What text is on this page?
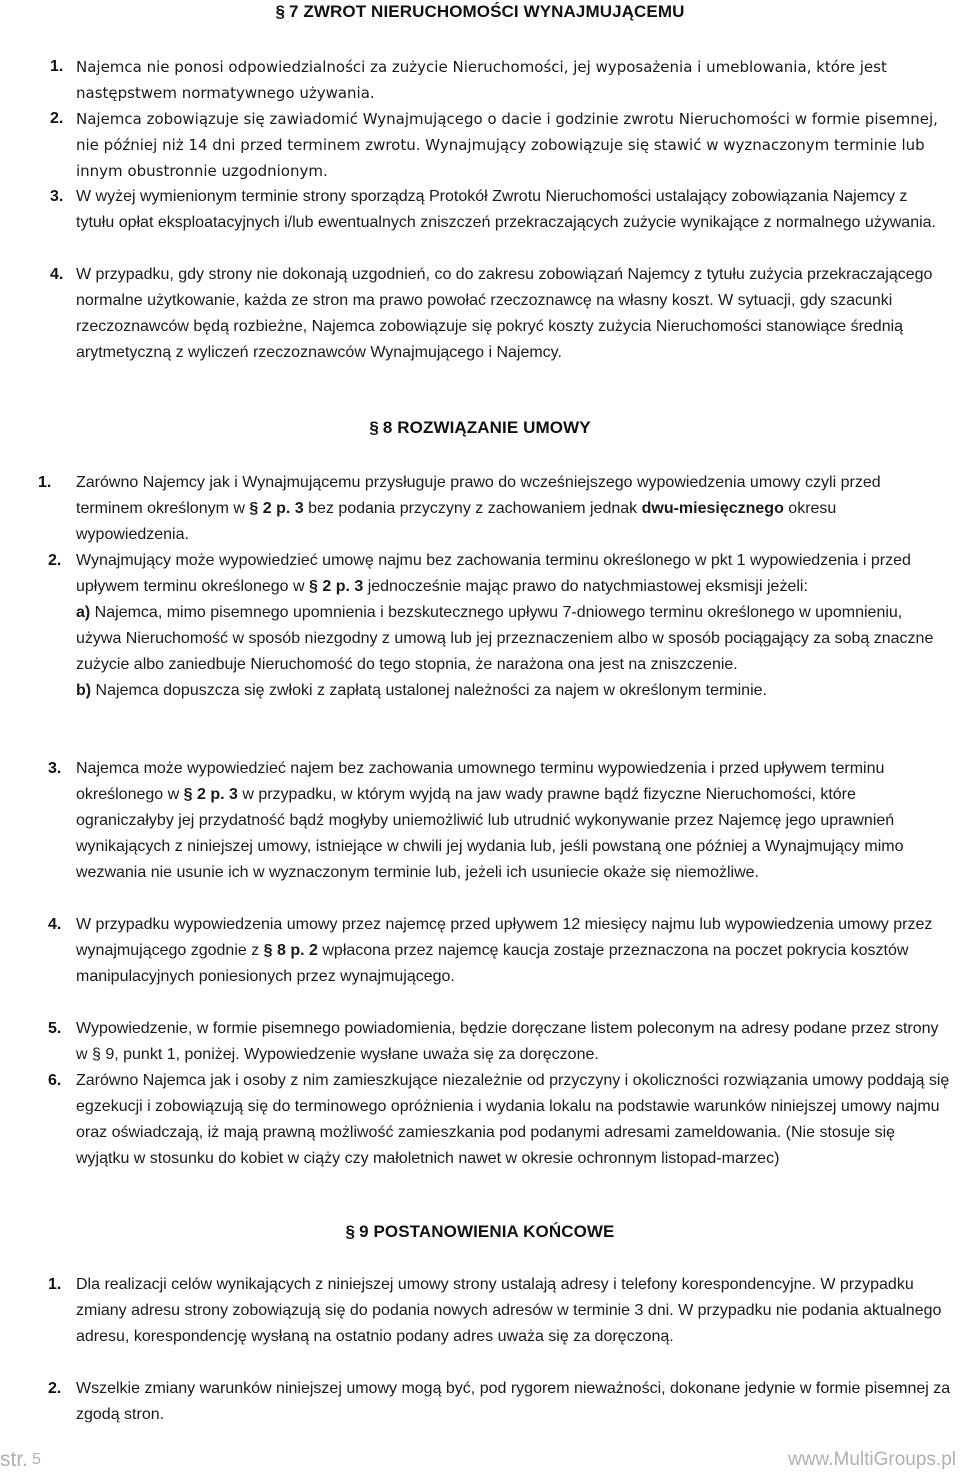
§ 7 ZWROT NIERUCHOMOŚCI WYNAJMUJĄCEMU
1. Najemca nie ponosi odpowiedzialności za zużycie Nieruchomości, jej wyposażenia i umeblowania, które jest następstwem normatywnego używania.

2. Najemca zobowiązuje się zawiadomić Wynajmującego o dacie i godzinie zwrotu Nieruchomości w formie pisemnej, nie później niż 14 dni przed terminem zwrotu. Wynajmujący zobowiązuje się stawić w wyznaczonym terminie lub innym obustronnie uzgodnionym.

3. W wyżej wymienionym terminie strony sporządzą Protokół Zwrotu Nieruchomości ustalający zobowiązania Najemcy z tytułu opłat eksploatacyjnych i/lub ewentualnych zniszczeń przekraczających zużycie wynikające z normalnego używania.

4. W przypadku, gdy strony nie dokonają uzgodnień, co do zakresu zobowiązań Najemcy z tytułu zużycia przekraczającego normalne użytkowanie, każda ze stron ma prawo powołać rzeczoznawcę na własny koszt. W sytuacji, gdy szacunki rzeczoznawców będą rozbieżne, Najemca zobowiązuje się pokryć koszty zużycia Nieruchomości stanowiące średnią arytmetyczną z wyliczeń rzeczoznawców Wynajmującego i Najemcy.

§ 8 ROZWIĄZANIE UMOWY
1. Zarówno Najemcy jak i Wynajmującemu przysługuje prawo do wcześniejszego wypowiedzenia umowy czyli przed terminem określonym w § 2 p. 3 bez podania przyczyny z zachowaniem jednak dwu-miesięcznego okresu wypowiedzenia.

2. Wynajmujący może wypowiedzieć umowę najmu bez zachowania terminu określonego w pkt 1 wypowiedzenia i przed upływem terminu określonego w § 2 p. 3 jednocześnie mając prawo do natychmiastowej eksmisji jeżeli:
a) Najemca, mimo pisemnego upomnienia i bezskutecznego upływu 7-dniowego terminu określonego w upomnieniu, używa Nieruchomość w sposób niezgodny z umową lub jej przeznaczeniem albo w sposób pociągający za sobą znaczne zużycie albo zaniedbuje Nieruchomość do tego stopnia, że narażona ona jest na zniszczenie.
b) Najemca dopuszcza się zwłoki z zapłatą ustalonej należności za najem w określonym terminie.
3. Najemca może wypowiedzieć najem bez zachowania umownego terminu wypowiedzenia i przed upływem terminu określonego w § 2 p. 3 w przypadku, w którym wyjdą na jaw wady prawne bądź fizyczne Nieruchomości, które ograniczałyby jej przydatność bądź mogłyby uniemożliwić lub utrudnić wykonywanie przez Najemcę jego uprawnień wynikających z niniejszej umowy, istniejące w chwili jej wydania lub, jeśli powstaną one później a Wynajmujący mimo wezwania nie usunie ich w wyznaczonym terminie lub, jeżeli ich usuniecie okaże się niemożliwe.

4. W przypadku wypowiedzenia umowy przez najemcę przed upływem 12 miesięcy najmu lub wypowiedzenia umowy przez wynajmującego zgodnie z § 8 p. 2 wpłacona przez najemcę kaucja zostaje przeznaczona na poczet pokrycia kosztów manipulacyjnych poniesionych przez wynajmującego.

5. Wypowiedzenie, w formie pisemnego powiadomienia, będzie doręczane listem poleconym na adresy podane przez strony w § 9, punkt 1, poniżej. Wypowiedzenie wysłane uważa się za doręczone.

6. Zarówno Najemca jak i osoby z nim zamieszkujące niezależnie od przyczyny i okoliczności rozwiązania umowy poddają się egzekucji i zobowiązują się do terminowego opróżnienia i wydania lokalu na podstawie warunków niniejszej umowy najmu oraz oświadczają, iż mają prawną możliwość zamieszkania pod podanymi adresami zameldowania. (Nie stosuje się wyjątku w stosunku do kobiet w ciąży czy małoletnich nawet w okresie ochronnym listopad-marzec)

§ 9 POSTANOWIENIA KOŃCOWE
1. Dla realizacji celów wynikających z niniejszej umowy strony ustalają adresy i telefony korespondencyjne. W przypadku zmiany adresu strony zobowiązują się do podania nowych adresów w terminie 3 dni. W przypadku nie podania aktualnego adresu, korespondencję wysłaną na ostatnio podany adres uważa się za doręczoną.

2. Wszelkie zmiany warunków niniejszej umowy mogą być, pod rygorem nieważności, dokonane jedynie w formie pisemnej za zgodą stron.

str. 5	www.MultiGroups.pl
